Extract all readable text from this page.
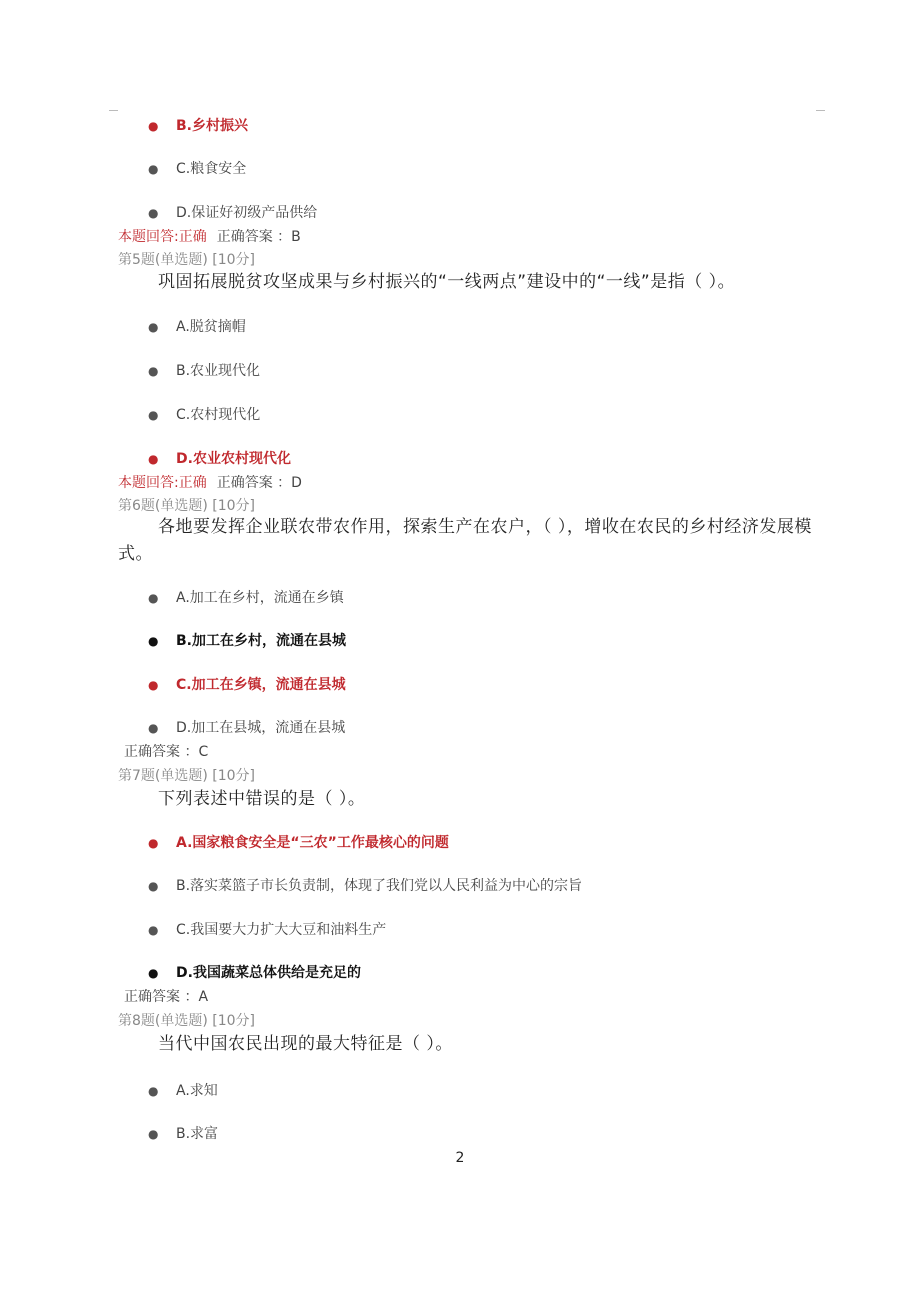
● B.乡村振兴
● C.粮食安全
● D.保证好初级产品供给
本题回答:正确 正确答案 ：B
第5题(单选题) [10分]
巩固拓展脱贫攻坚成果与乡村振兴的“一线两点”建设中的“一线”是指（ ）。
● A.脱贫摘帽
● B.农业现代化
● C.农村现代化
● D.农业农村现代化
本题回答:正确 正确答案 ：D
第6题(单选题) [10分]
各地要发挥企业联农带农作用，探索生产在农户，（ ），增收在农民的乡村经济发展模式。
● A.加工在乡村，流通在乡镇
● B.加工在乡村，流通在县城
● C.加工在乡镇，流通在县城
● D.加工在县城，流通在县城
正确答案 ：C
第7题(单选题) [10分]
下列表述中错误的是（ ）。
● A.国家粮食安全是“三农”工作最核心的问题
● B.落实菜篮子市长负责制，体现了我们党以人民利益为中心的宗旨
● C.我国要大力扩大大豆和油料生产
● D.我国蔬菜总体供给是充足的
正确答案 ：A
第8题(单选题) [10分]
当代中国农民出现的最大特征是（ ）。
● A.求知
● B.求富
2
